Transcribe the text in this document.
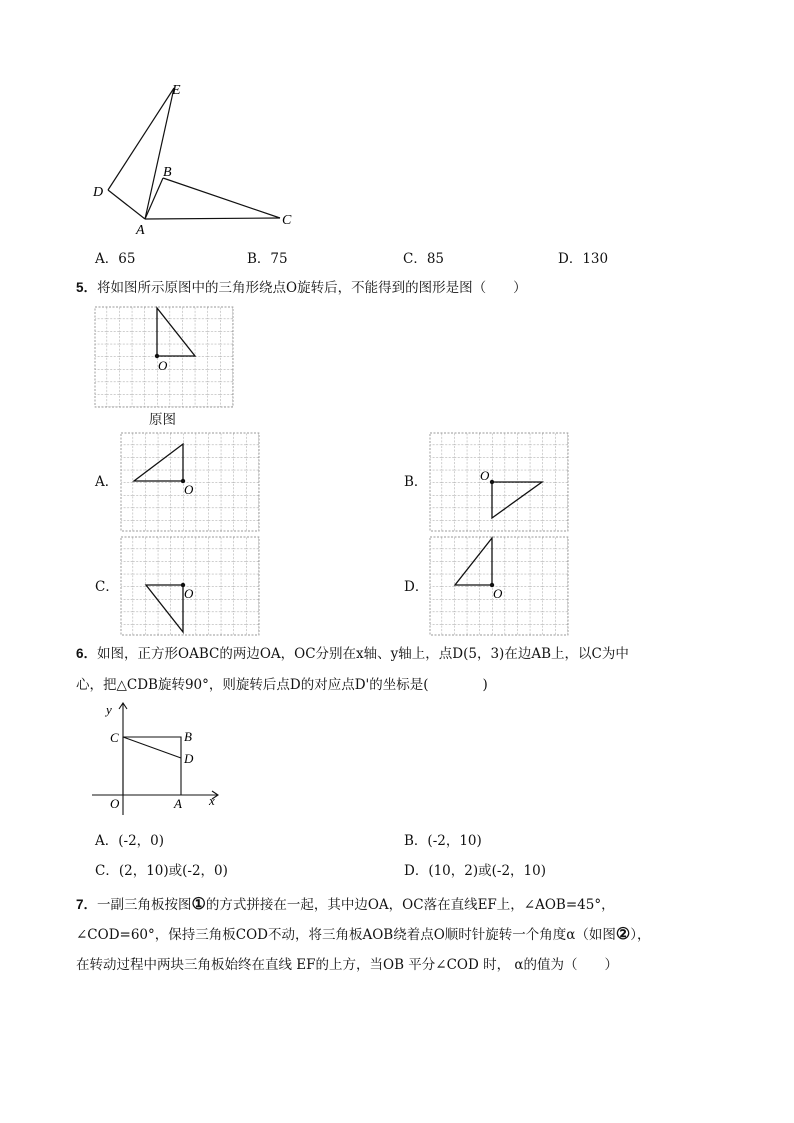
E
D
B
A
C
A．65	B．75	C．85	D．130
5．将如图所示原图中的三角形绕点O旋转后，不能得到的图形是图（　　）
O
原图
A．	O	B．	O
C．	O	D．	O
6．如图，正方形OABC的两边OA，OC分别在x轴、y轴上，点D(5，3)在边AB上，以C为中
心，把△CDB旋转90°，则旋转后点D的对应点D'的坐标是(　　　　)
y
x
C	B
D
O	A
A．(-2，0)	B．(-2，10)
C．(2，10)或(-2，0)	D．(10，2)或(-2，10)
7．一副三角板按图①的方式拼接在一起，其中边OA，OC落在直线EF上，∠AOB=45°，
∠COD=60°，保持三角板COD不动，将三角板AOB绕着点O顺时针旋转一个角度α（如图②），
在转动过程中两块三角板始终在直线 EF的上方，当OB 平分∠COD 时， α的值为（　　）
